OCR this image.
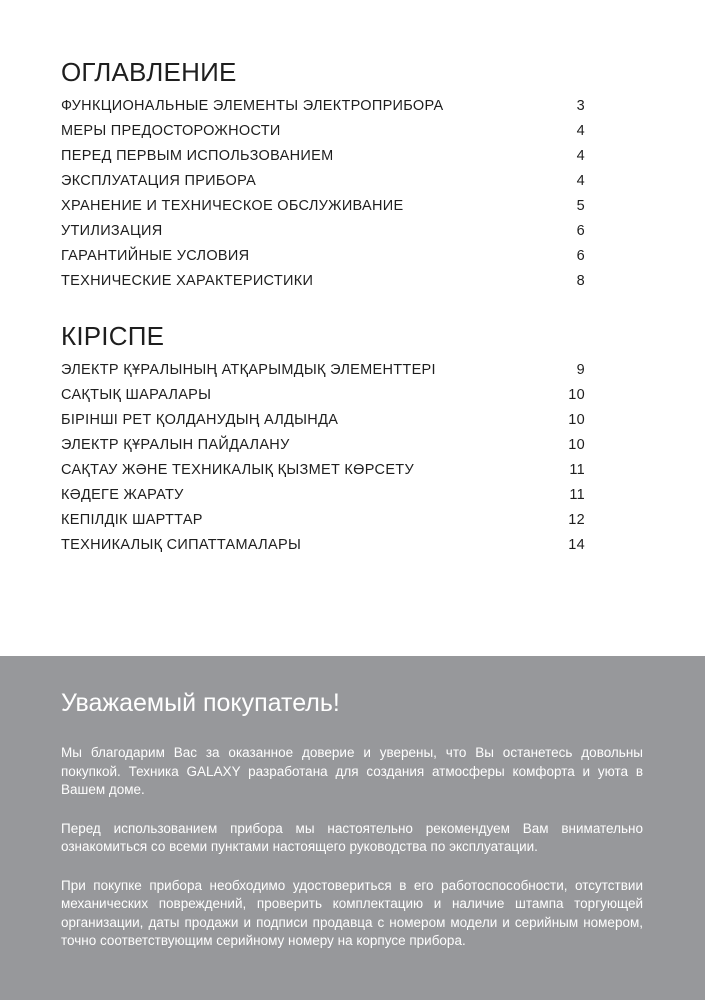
ОГЛАВЛЕНИЕ
ФУНКЦИОНАЛЬНЫЕ ЭЛЕМЕНТЫ ЭЛЕКТРОПРИБОРА	3
МЕРЫ ПРЕДОСТОРОЖНОСТИ	4
ПЕРЕД ПЕРВЫМ ИСПОЛЬЗОВАНИЕМ	4
ЭКСПЛУАТАЦИЯ ПРИБОРА	4
ХРАНЕНИЕ И ТЕХНИЧЕСКОЕ ОБСЛУЖИВАНИЕ	5
УТИЛИЗАЦИЯ	6
ГАРАНТИЙНЫЕ УСЛОВИЯ	6
ТЕХНИЧЕСКИЕ ХАРАКТЕРИСТИКИ	8
КІРІСПЕ
ЭЛЕКТР ҚҰРАЛЫНЫҢ АТҚАРЫМДЫҚ ЭЛЕМЕНТТЕРІ	9
САҚТЫҚ ШАРАЛАРЫ	10
БІРІНШІ РЕТ ҚОЛДАНУДЫҢ АЛДЫНДА	10
ЭЛЕКТР ҚҰРАЛЫН ПАЙДАЛАНУ	10
САҚТАУ ЖӘНЕ ТЕХНИКАЛЫҚ ҚЫЗМЕТ КӨРСЕТУ	11
КӘДЕГЕ ЖАРАТУ	11
КЕПІЛДІК ШАРТТАР	12
ТЕХНИКАЛЫҚ СИПАТТАМАЛАРЫ	14
Уважаемый покупатель!

Мы благодарим Вас за оказанное доверие и уверены, что Вы останетесь довольны покупкой. Техника GALAXY разработана для создания атмосферы комфорта и уюта в Вашем доме.

Перед использованием прибора мы настоятельно рекомендуем Вам внимательно ознакомиться со всеми пунктами настоящего руководства по эксплуатации.

При покупке прибора необходимо удостовериться в его работоспособности, отсутствии механических повреждений, проверить комплектацию и наличие штампа торгующей организации, даты продажи и подписи продавца с номером модели и серийным номером, точно соответствующим серийному номеру на корпусе прибора.
